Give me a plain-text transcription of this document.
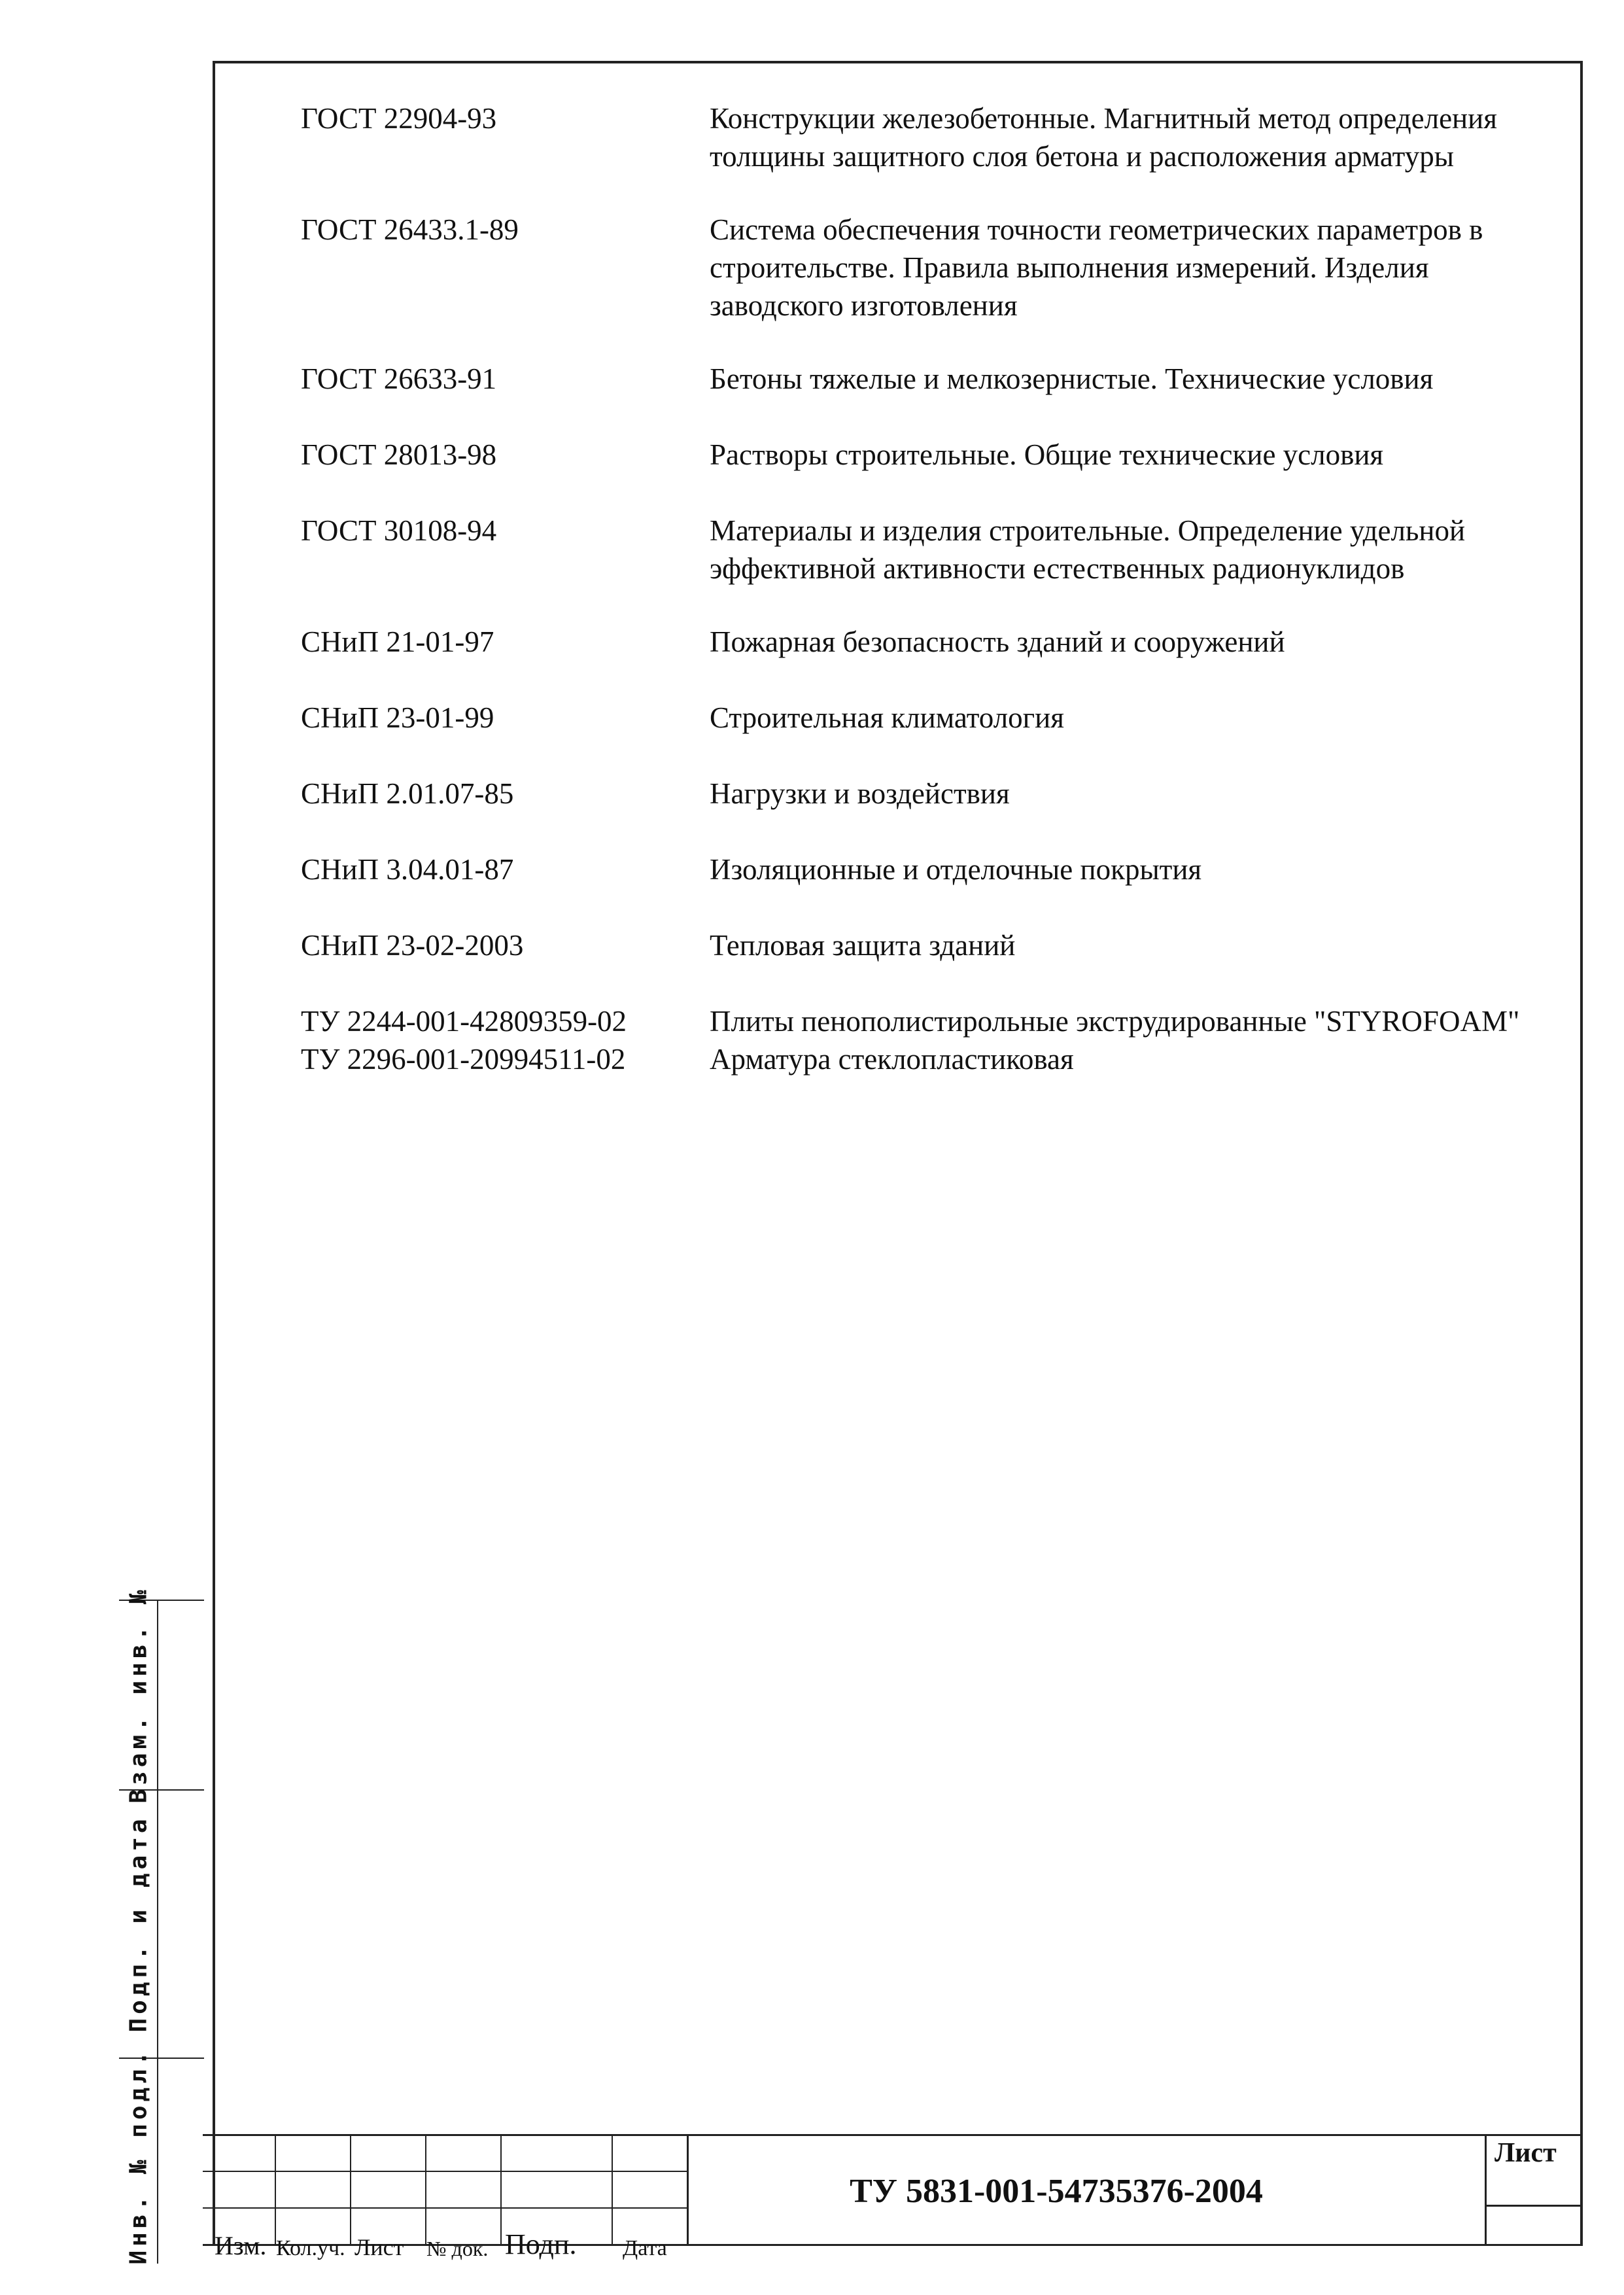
ГОСТ 22904-93	Конструкции железобетонные. Магнитный метод определения толщины защитного слоя бетона и расположения арматуры
ГОСТ 26433.1-89	Система обеспечения точности геометрических параметров в строительстве. Правила выполнения измерений. Изделия заводского изготовления
ГОСТ 26633-91	Бетоны тяжелые и мелкозернистые. Технические условия
ГОСТ 28013-98	Растворы строительные. Общие технические условия
ГОСТ 30108-94	Материалы и изделия строительные. Определение удельной эффективной активности естественных радионуклидов
СНиП 21-01-97	Пожарная безопасность зданий и сооружений
СНиП 23-01-99	Строительная климатология
СНиП 2.01.07-85	Нагрузки и воздействия
СНиП 3.04.01-87	Изоляционные и отделочные покрытия
СНиП 23-02-2003	Тепловая защита зданий
ТУ 2244-001-42809359-02	Плиты пенополистирольные экструдированные "STYROFOAM"
ТУ 2296-001-20994511-02	Арматура стеклопластиковая
Взам. инв. №
Подп. и дата
Инв. № подл. Изм. Кол.уч. Лист № док. Подп. Дата
ТУ 5831-001-54735376-2004
Лист
